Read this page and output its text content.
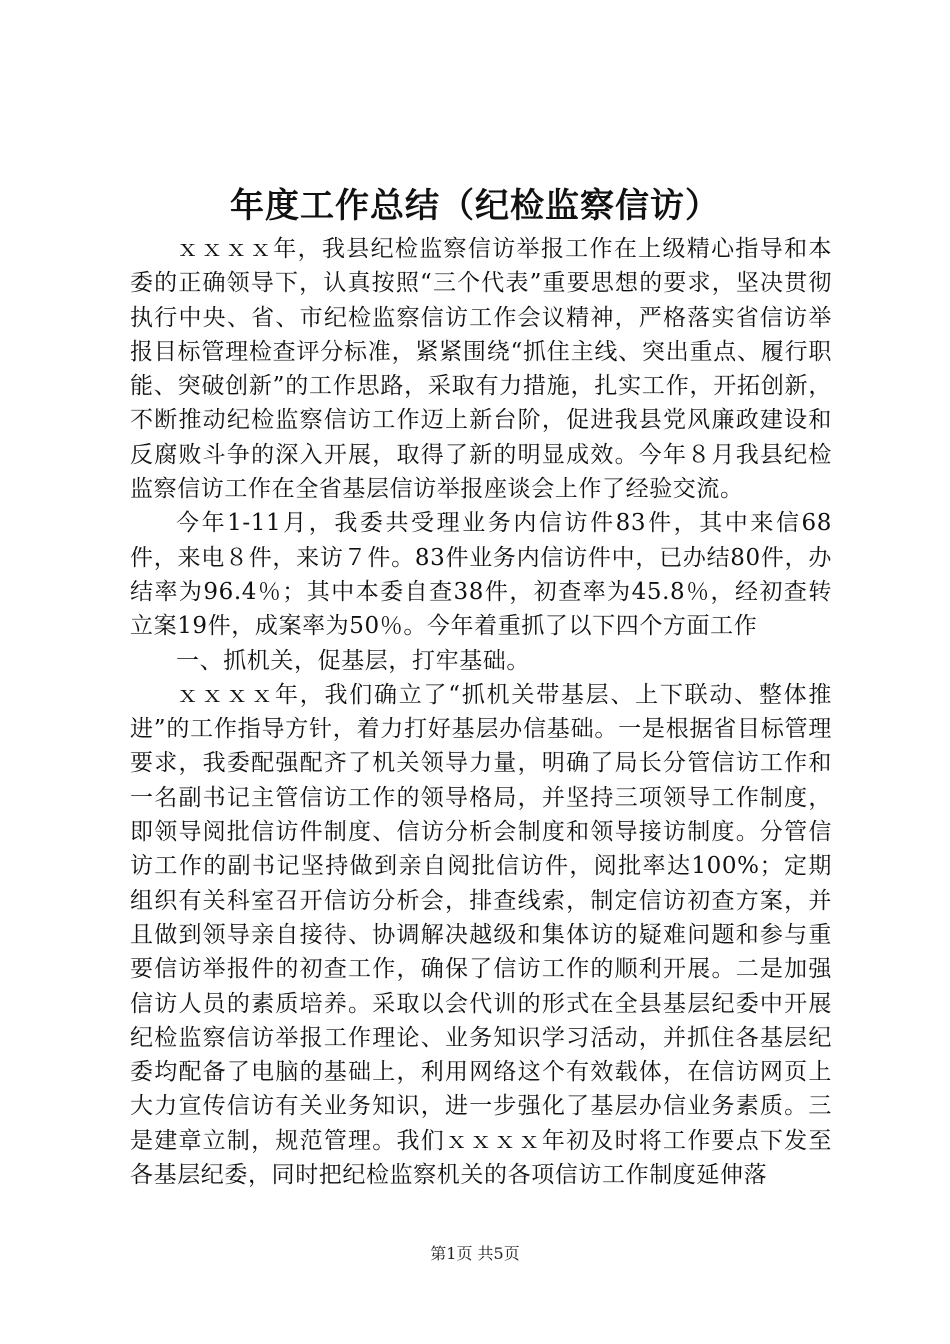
年度工作总结（纪检监察信访）

ｘｘｘｘ年，我县纪检监察信访举报工作在上级精心指导和本委的正确领导下，认真按照“三个代表”重要思想的要求，坚决贯彻执行中央、省、市纪检监察信访工作会议精神，严格落实省信访举报目标管理检查评分标准，紧紧围绕“抓住主线、突出重点、履行职能、突破创新”的工作思路，采取有力措施，扎实工作，开拓创新，不断推动纪检监察信访工作迈上新台阶，促进我县党风廉政建设和反腐败斗争的深入开展，取得了新的明显成效。今年８月我县纪检监察信访工作在全省基层信访举报座谈会上作了经验交流。

今年1-11月，我委共受理业务内信访件83件，其中来信68件，来电８件，来访７件。83件业务内信访件中，已办结80件，办结率为96.4％；其中本委自查38件，初查率为45.8％，经初查转立案19件，成案率为50％。今年着重抓了以下四个方面工作

一、抓机关，促基层，打牢基础。

ｘｘｘｘ年，我们确立了“抓机关带基层、上下联动、整体推进”的工作指导方针，着力打好基层办信基础。一是根据省目标管理要求，我委配强配齐了机关领导力量，明确了局长分管信访工作和一名副书记主管信访工作的领导格局，并坚持三项领导工作制度，即领导阅批信访件制度、信访分析会制度和领导接访制度。分管信访工作的副书记坚持做到亲自阅批信访件，阅批率达100%；定期组织有关科室召开信访分析会，排查线索，制定信访初查方案，并且做到领导亲自接待、协调解决越级和集体访的疑难问题和参与重要信访举报件的初查工作，确保了信访工作的顺利开展。二是加强信访人员的素质培养。采取以会代训的形式在全县基层纪委中开展纪检监察信访举报工作理论、业务知识学习活动，并抓住各基层纪委均配备了电脑的基础上，利用网络这个有效载体，在信访网页上大力宣传信访有关业务知识，进一步强化了基层办信业务素质。三是建章立制，规范管理。我们ｘｘｘｘ年初及时将工作要点下发至各基层纪委，同时把纪检监察机关的各项信访工作制度延伸落

第1页 共5页
